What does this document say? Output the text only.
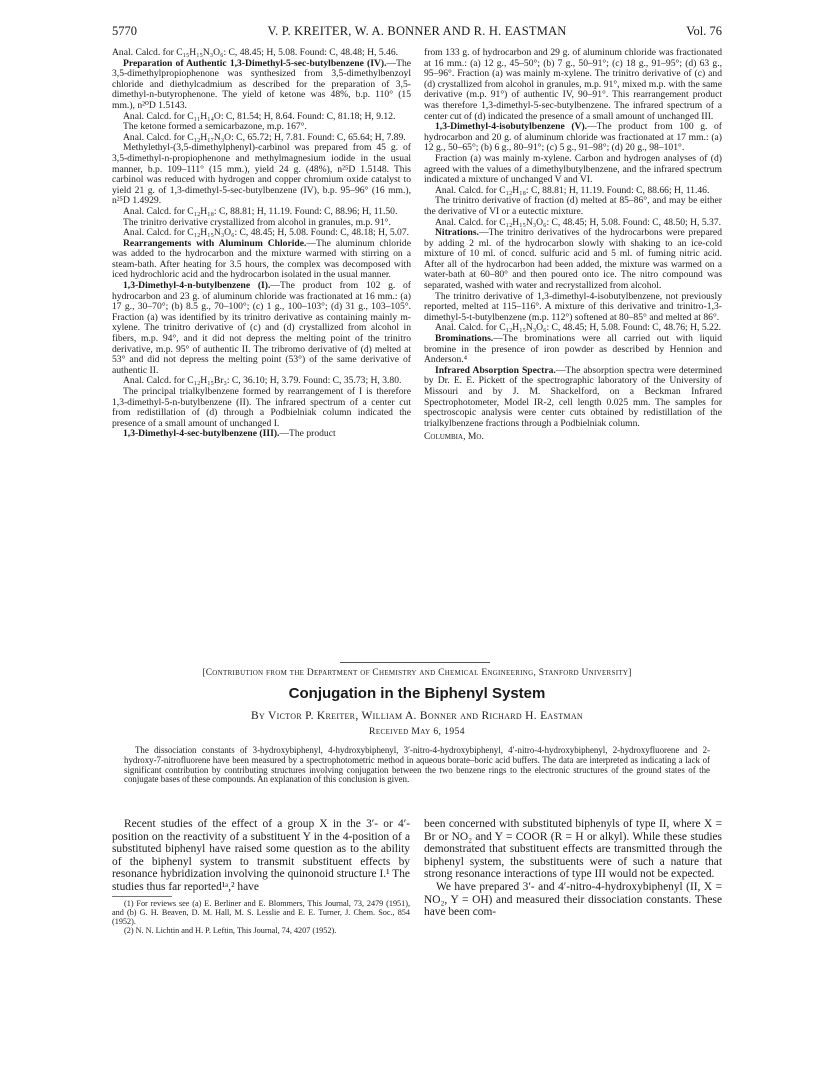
5770	V. P. KREITER, W. A. BONNER AND R. H. EASTMAN	Vol. 76

Anal. Calcd. for C₁₅H₁₅N₃O₆: C, 48.45; H, 5.08. Found: C, 48.48; H, 5.46.

Preparation of Authentic 1,3-Dimethyl-5-sec-butylbenzene (IV).—The 3,5-dimethylpropiophenone was synthesized from 3,5-dimethylbenzoyl chloride and diethylcadmium as described for the preparation of 3,5-dimethyl-n-butyrophenone. The yield of ketone was 48%, b.p. 110° (15 mm.), n²⁰D 1.5143.

Anal. Calcd. for C₁₁H₁₄O: C, 81.54; H, 8.64. Found: C, 81.18; H, 9.12.

The ketone formed a semicarbazone, m.p. 167°.

Anal. Calcd. for C₁₂H₁₇N₃O: C, 65.72; H, 7.81. Found: C, 65.64; H, 7.89.

Methylethyl-(3,5-dimethylphenyl)-carbinol was prepared from 45 g. of 3,5-dimethyl-n-propiophenone and methylmagnesium iodide in the usual manner, b.p. 109–111° (15 mm.), yield 24 g. (48%), n²⁵D 1.5148. This carbinol was reduced with hydrogen and copper chromium oxide catalyst to yield 21 g. of 1,3-dimethyl-5-sec-butylbenzene (IV), b.p. 95–96° (16 mm.), n²⁵D 1.4929.

Anal. Calcd. for C₁₂H₁₈: C, 88.81; H, 11.19. Found: C, 88.96; H, 11.50.

The trinitro derivative crystallized from alcohol in granules, m.p. 91°.

Anal. Calcd. for C₁₂H₁₅N₃O₆: C, 48.45; H, 5.08. Found: C, 48.18; H, 5.07.

Rearrangements with Aluminum Chloride.—The aluminum chloride was added to the hydrocarbon and the mixture warmed with stirring on a steam-bath. After heating for 3.5 hours, the complex was decomposed with iced hydrochloric acid and the hydrocarbon isolated in the usual manner.

1,3-Dimethyl-4-n-butylbenzene (I).—The product from 102 g. of hydrocarbon and 23 g. of aluminum chloride was fractionated at 16 mm.: (a) 17 g., 30–70°; (b) 8.5 g., 70–100°; (c) 1 g., 100–103°; (d) 31 g., 103–105°. Fraction (a) was identified by its trinitro derivative as containing mainly m-xylene. The trinitro derivative of (c) and (d) crystallized from alcohol in fibers, m.p. 94°, and it did not depress the melting point of the trinitro derivative, m.p. 95° of authentic II. The tribromo derivative of (d) melted at 53° and did not depress the melting point (53°) of the same derivative of authentic II.

Anal. Calcd. for C₁₂H₁₅Br₃: C, 36.10; H, 3.79. Found: C, 35.73; H, 3.80.

The principal trialkylbenzene formed by rearrangement of I is therefore 1,3-dimethyl-5-n-butylbenzene (II). The infrared spectrum of a center cut from redistillation of (d) through a Podbielniak column indicated the presence of a small amount of unchanged I.

1,3-Dimethyl-4-sec-butylbenzene (III).—The product

from 133 g. of hydrocarbon and 29 g. of aluminum chloride was fractionated at 16 mm.: (a) 12 g., 45–50°; (b) 7 g., 50–91°; (c) 18 g., 91–95°; (d) 63 g., 95–96°. Fraction (a) was mainly m-xylene. The trinitro derivative of (c) and (d) crystallized from alcohol in granules, m.p. 91°, mixed m.p. with the same derivative (m.p. 91°) of authentic IV, 90–91°. This rearrangement product was therefore 1,3-dimethyl-5-sec-butylbenzene. The infrared spectrum of a center cut of (d) indicated the presence of a small amount of unchanged III.

1,3-Dimethyl-4-isobutylbenzene (V).—The product from 100 g. of hydrocarbon and 20 g. of aluminum chloride was fractionated at 17 mm.: (a) 12 g., 50–65°; (b) 6 g., 80–91°; (c) 5 g., 91–98°; (d) 20 g., 98–101°.

Fraction (a) was mainly m-xylene. Carbon and hydrogen analyses of (d) agreed with the values of a dimethylbutylbenzene, and the infrared spectrum indicated a mixture of unchanged V and VI.

Anal. Calcd. for C₁₂H₁₈: C, 88.81; H, 11.19. Found: C, 88.66; H, 11.46.

The trinitro derivative of fraction (d) melted at 85–86°, and may be either the derivative of VI or a eutectic mixture.

Anal. Calcd. for C₁₂H₁₅N₃O₆: C, 48.45; H, 5.08. Found: C, 48.50; H, 5.37.

Nitrations.—The trinitro derivatives of the hydrocarbons were prepared by adding 2 ml. of the hydrocarbon slowly with shaking to an ice-cold mixture of 10 ml. of concd. sulfuric acid and 5 ml. of fuming nitric acid. After all of the hydrocarbon had been added, the mixture was warmed on a water-bath at 60–80° and then poured onto ice. The nitro compound was separated, washed with water and recrystallized from alcohol.

The trinitro derivative of 1,3-dimethyl-4-isobutylbenzene, not previously reported, melted at 115–116°. A mixture of this derivative and trinitro-1,3-dimethyl-5-t-butylbenzene (m.p. 112°) softened at 80–85° and melted at 86°.

Anal. Calcd. for C₁₂H₁₅N₃O₆: C, 48.45; H, 5.08. Found: C, 48.76; H, 5.22.

Brominations.—The brominations were all carried out with liquid bromine in the presence of iron powder as described by Hennion and Anderson.⁴

Infrared Absorption Spectra.—The absorption spectra were determined by Dr. E. E. Pickett of the spectrographic laboratory of the University of Missouri and by J. M. Shackelford, on a Beckman Infrared Spectrophotometer, Model IR-2, cell length 0.025 mm. The samples for spectroscopic analysis were center cuts obtained by redistillation of the trialkylbenzene fractions through a Podbielniak column.

Columbia, Mo.

[Contribution from the Department of Chemistry and Chemical Engineering, Stanford University]
Conjugation in the Biphenyl System
By Victor P. Kreiter, William A. Bonner and Richard H. Eastman
Received May 6, 1954
The dissociation constants of 3-hydroxybiphenyl, 4-hydroxybiphenyl, 3′-nitro-4-hydroxybiphenyl, 4′-nitro-4-hydroxybiphenyl, 2-hydroxyfluorene and 2-hydroxy-7-nitrofluorene have been measured by a spectrophotometric method in aqueous borate–boric acid buffers. The data are interpreted as indicating a lack of significant contribution by contributing structures involving conjugation between the two benzene rings to the electronic structures of the ground states of the conjugate bases of these compounds. An explanation of this conclusion is given.

Recent studies of the effect of a group X in the 3′- or 4′-position on the reactivity of a substituent Y in the 4-position of a substituted biphenyl have raised some question as to the ability of the biphenyl system to transmit substituent effects by resonance hybridization involving the quinonoid structure I.¹ The studies thus far reported¹ᵃ,² have

(1) For reviews see (a) E. Berliner and E. Blommers, This Journal, 73, 2479 (1951), and (b) G. H. Beaven, D. M. Hall, M. S. Lesslie and E. E. Turner, J. Chem. Soc., 854 (1952).

(2) N. N. Lichtin and H. P. Leftin, This Journal, 74, 4207 (1952).

been concerned with substituted biphenyls of type II, where X = Br or NO₂ and Y = COOR (R = H or alkyl). While these studies demonstrated that substituent effects are transmitted through the biphenyl system, the substituents were of such a nature that strong resonance interactions of type III would not be expected.

We have prepared 3′- and 4′-nitro-4-hydroxybiphenyl (II, X = NO₂, Y = OH) and measured their dissociation constants. These have been com-
